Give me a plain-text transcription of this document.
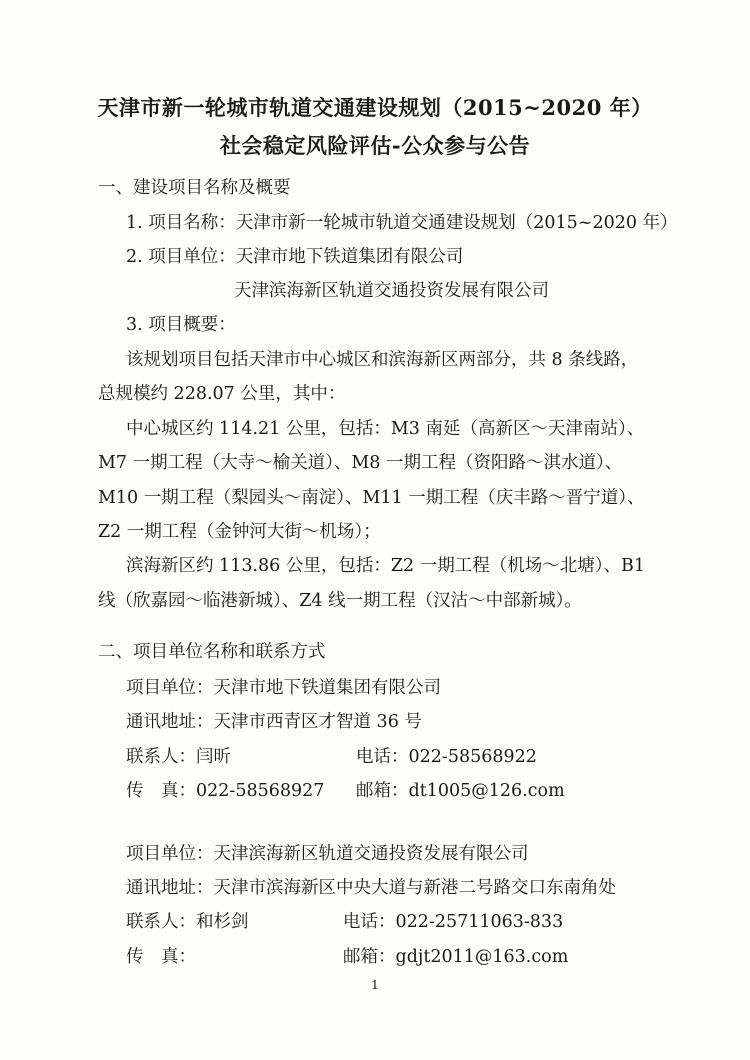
天津市新一轮城市轨道交通建设规划（2015~2020 年）
社会稳定风险评估-公众参与公告
一、建设项目名称及概要
1. 项目名称：天津市新一轮城市轨道交通建设规划（2015~2020 年）
2. 项目单位：天津市地下铁道集团有限公司
天津滨海新区轨道交通投资发展有限公司
3. 项目概要：
该规划项目包括天津市中心城区和滨海新区两部分，共 8 条线路，
总规模约 228.07 公里，其中：
中心城区约 114.21 公里，包括：M3 南延（高新区～天津南站）、
M7 一期工程（大寺～榆关道）、M8 一期工程（资阳路～淇水道）、
M10 一期工程（梨园头～南淀）、M11 一期工程（庆丰路～晋宁道）、
Z2 一期工程（金钟河大街～机场）；
滨海新区约 113.86 公里，包括：Z2 一期工程（机场～北塘）、B1
线（欣嘉园～临港新城）、Z4 线一期工程（汉沽～中部新城）。
二、项目单位名称和联系方式
项目单位：天津市地下铁道集团有限公司
通讯地址：天津市西青区才智道 36 号
联系人：闫昕	电话：022-58568922
传　真：022-58568927 邮箱：dt1005@126.com
项目单位：天津滨海新区轨道交通投资发展有限公司
通讯地址：天津市滨海新区中央大道与新港二号路交口东南角处
联系人：和杉剑	电话：022-25711063-833
传　真：	邮箱：gdjt2011@163.com
1
